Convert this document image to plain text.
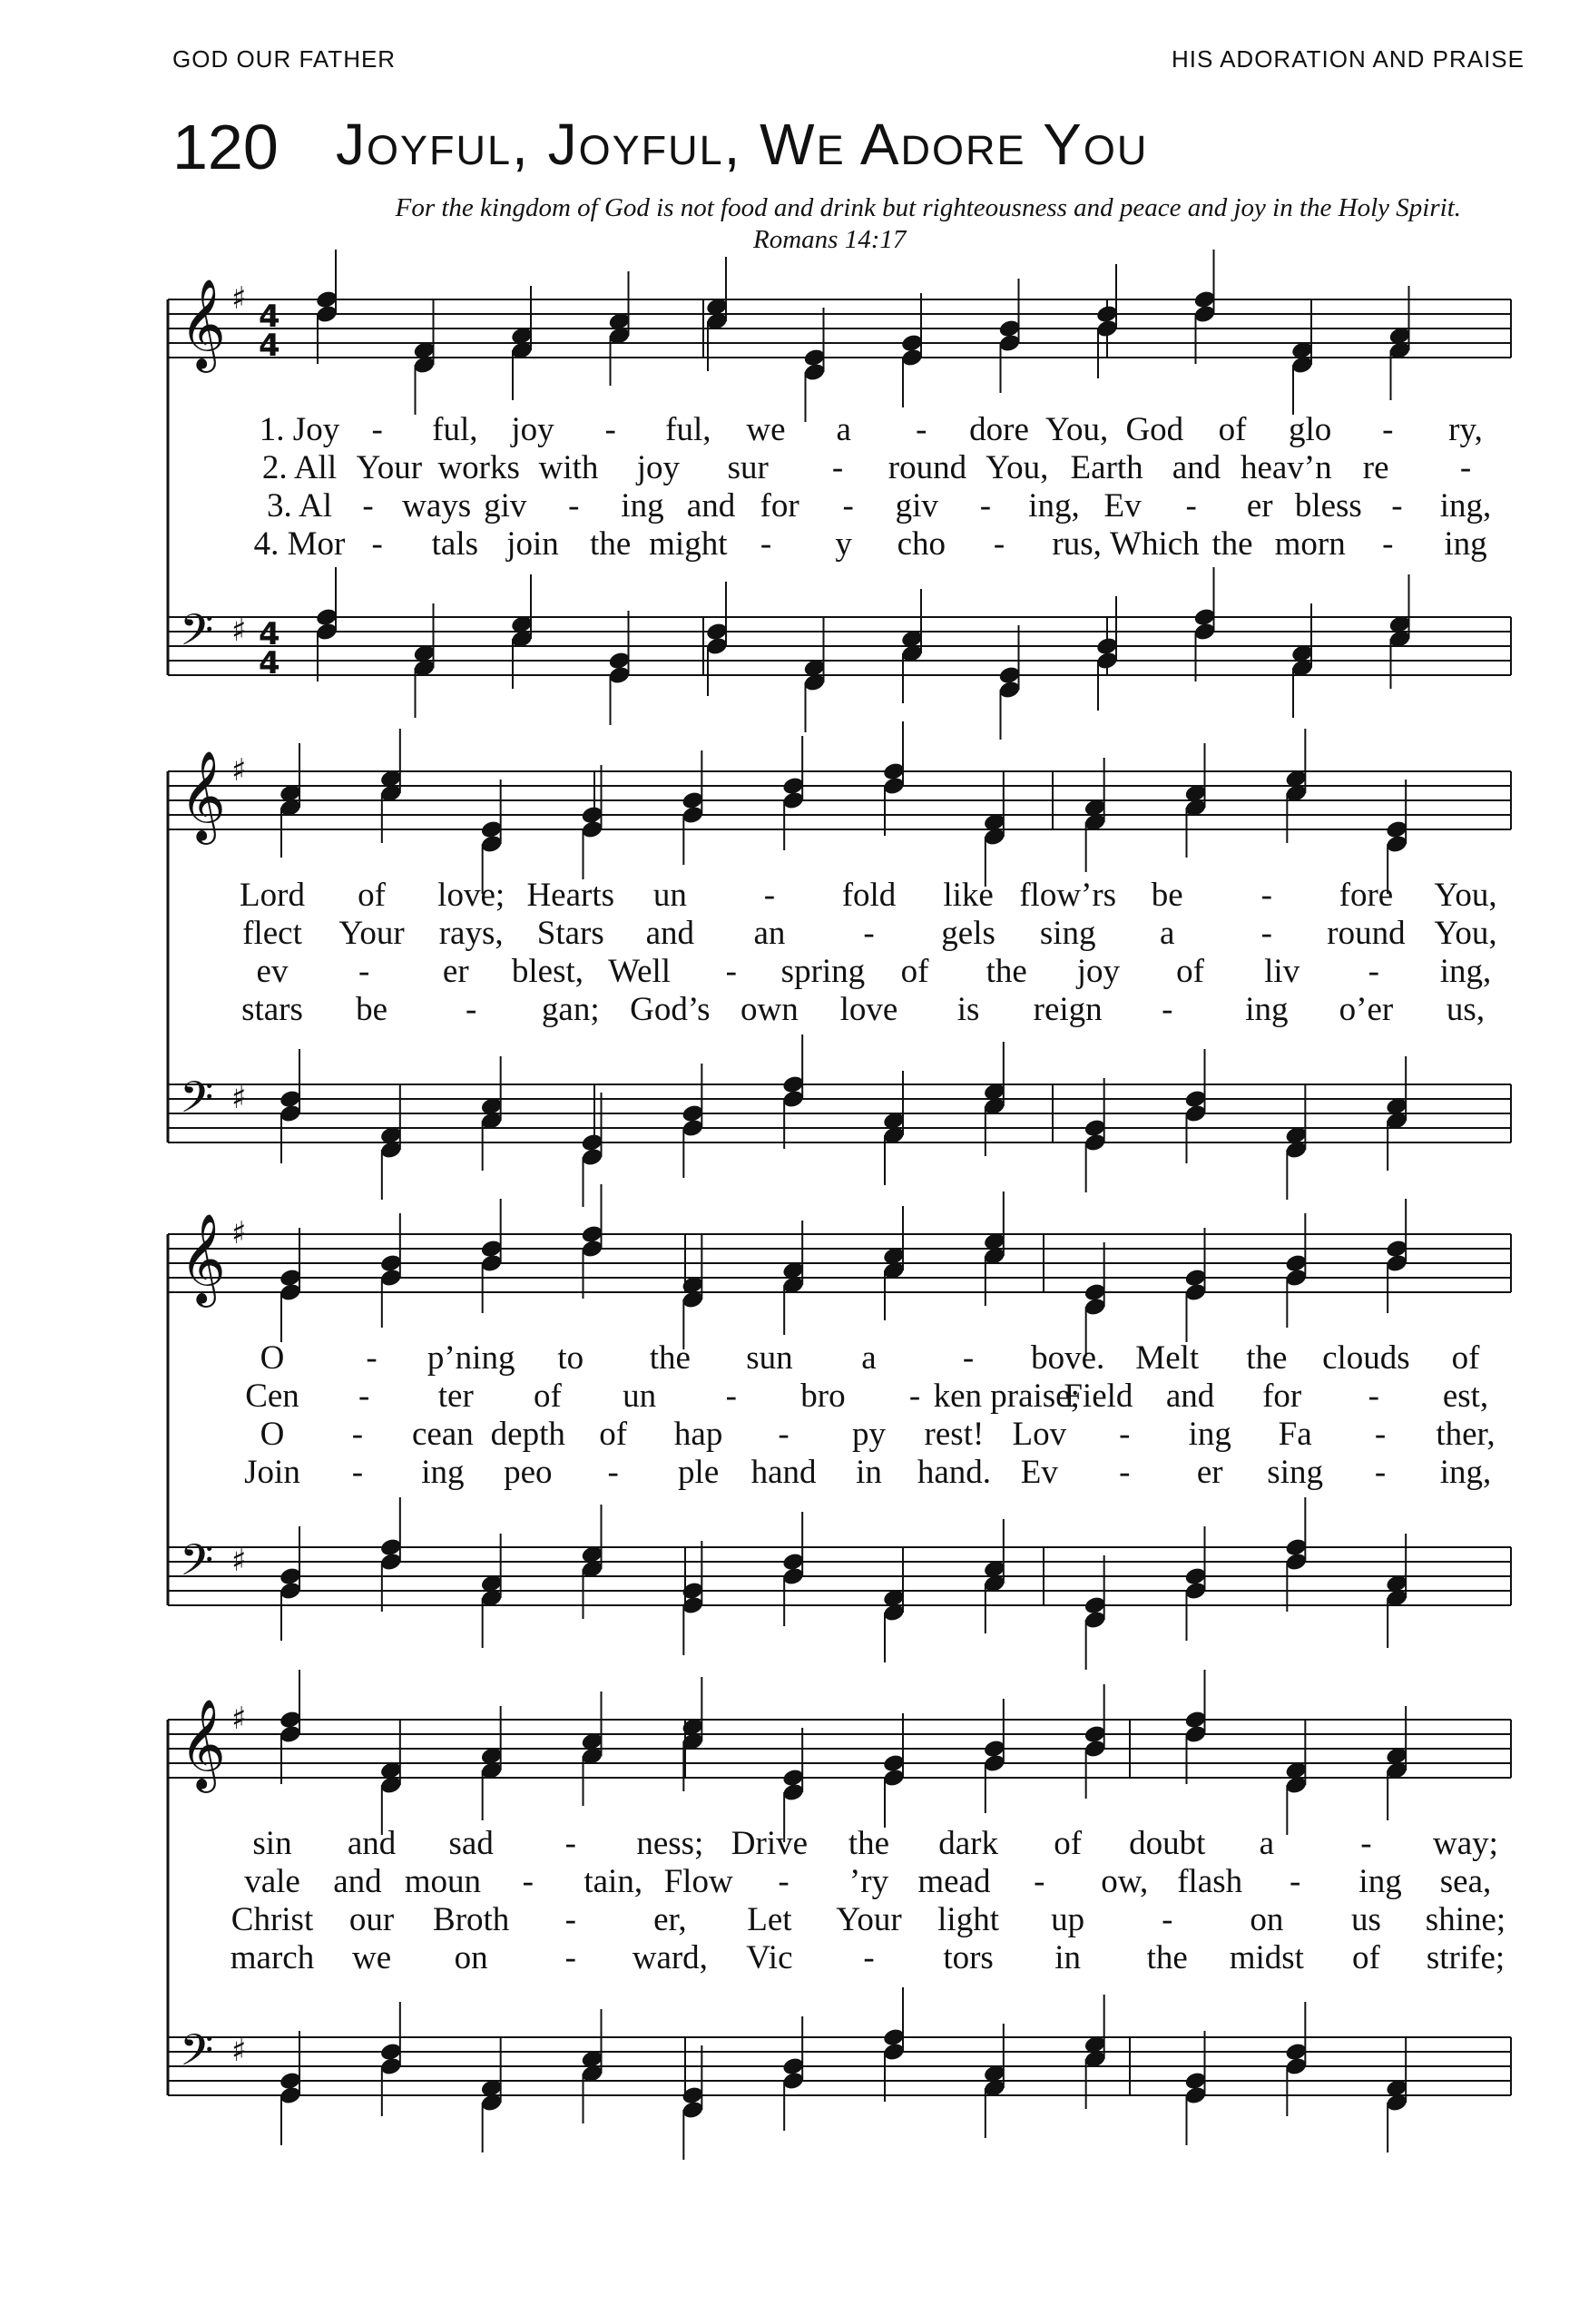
GOD OUR FATHER	HIS ADORATION AND PRAISE
120 Joyful, Joyful, We Adore You
For the kingdom of God is not food and drink but righteousness and peace and joy in the Holy Spirit.
Romans 14:17
𝄞 ♯ 4
4
𝄢 ♯ 4
4
𝄞 ♯
𝄢 ♯
𝄞 ♯
𝄢 ♯
𝄞 ♯
𝄢 ♯
1. Joy - ful, joy - ful, we a - dore You, God of glo - ry,
2. All Your works with joy sur - round You, Earth and heav’n re -
3. Al - ways giv - ing and for - giv - ing, Ev - er bless - ing,
4. Mor - tals join the might - y cho - rus, Which the morn - ing
Lord of love; Hearts un - fold like flow’rs be - fore You,
flect Your rays, Stars and an - gels sing a	- round You,
ev - er blest, Well - spring of the joy of liv - ing,
stars be - gan; God’s own love is reign - ing o’er us,
O - p’ning to the sun a	- bove. Melt the clouds of
Cen - ter of un - bro - ken praise;
Field and for - est,
O - cean depth of hap - py rest! Lov - ing Fa - ther,
Join - ing peo - ple hand in hand. Ev - er sing - ing,
sin and sad - ness; Drive the dark of doubt a	- way;
vale and moun - tain, Flow - ’ry mead - ow, flash - ing sea,
Christ our Broth - er, Let Your light up - on us shine;
march we on - ward, Vic - tors in the midst of strife;
